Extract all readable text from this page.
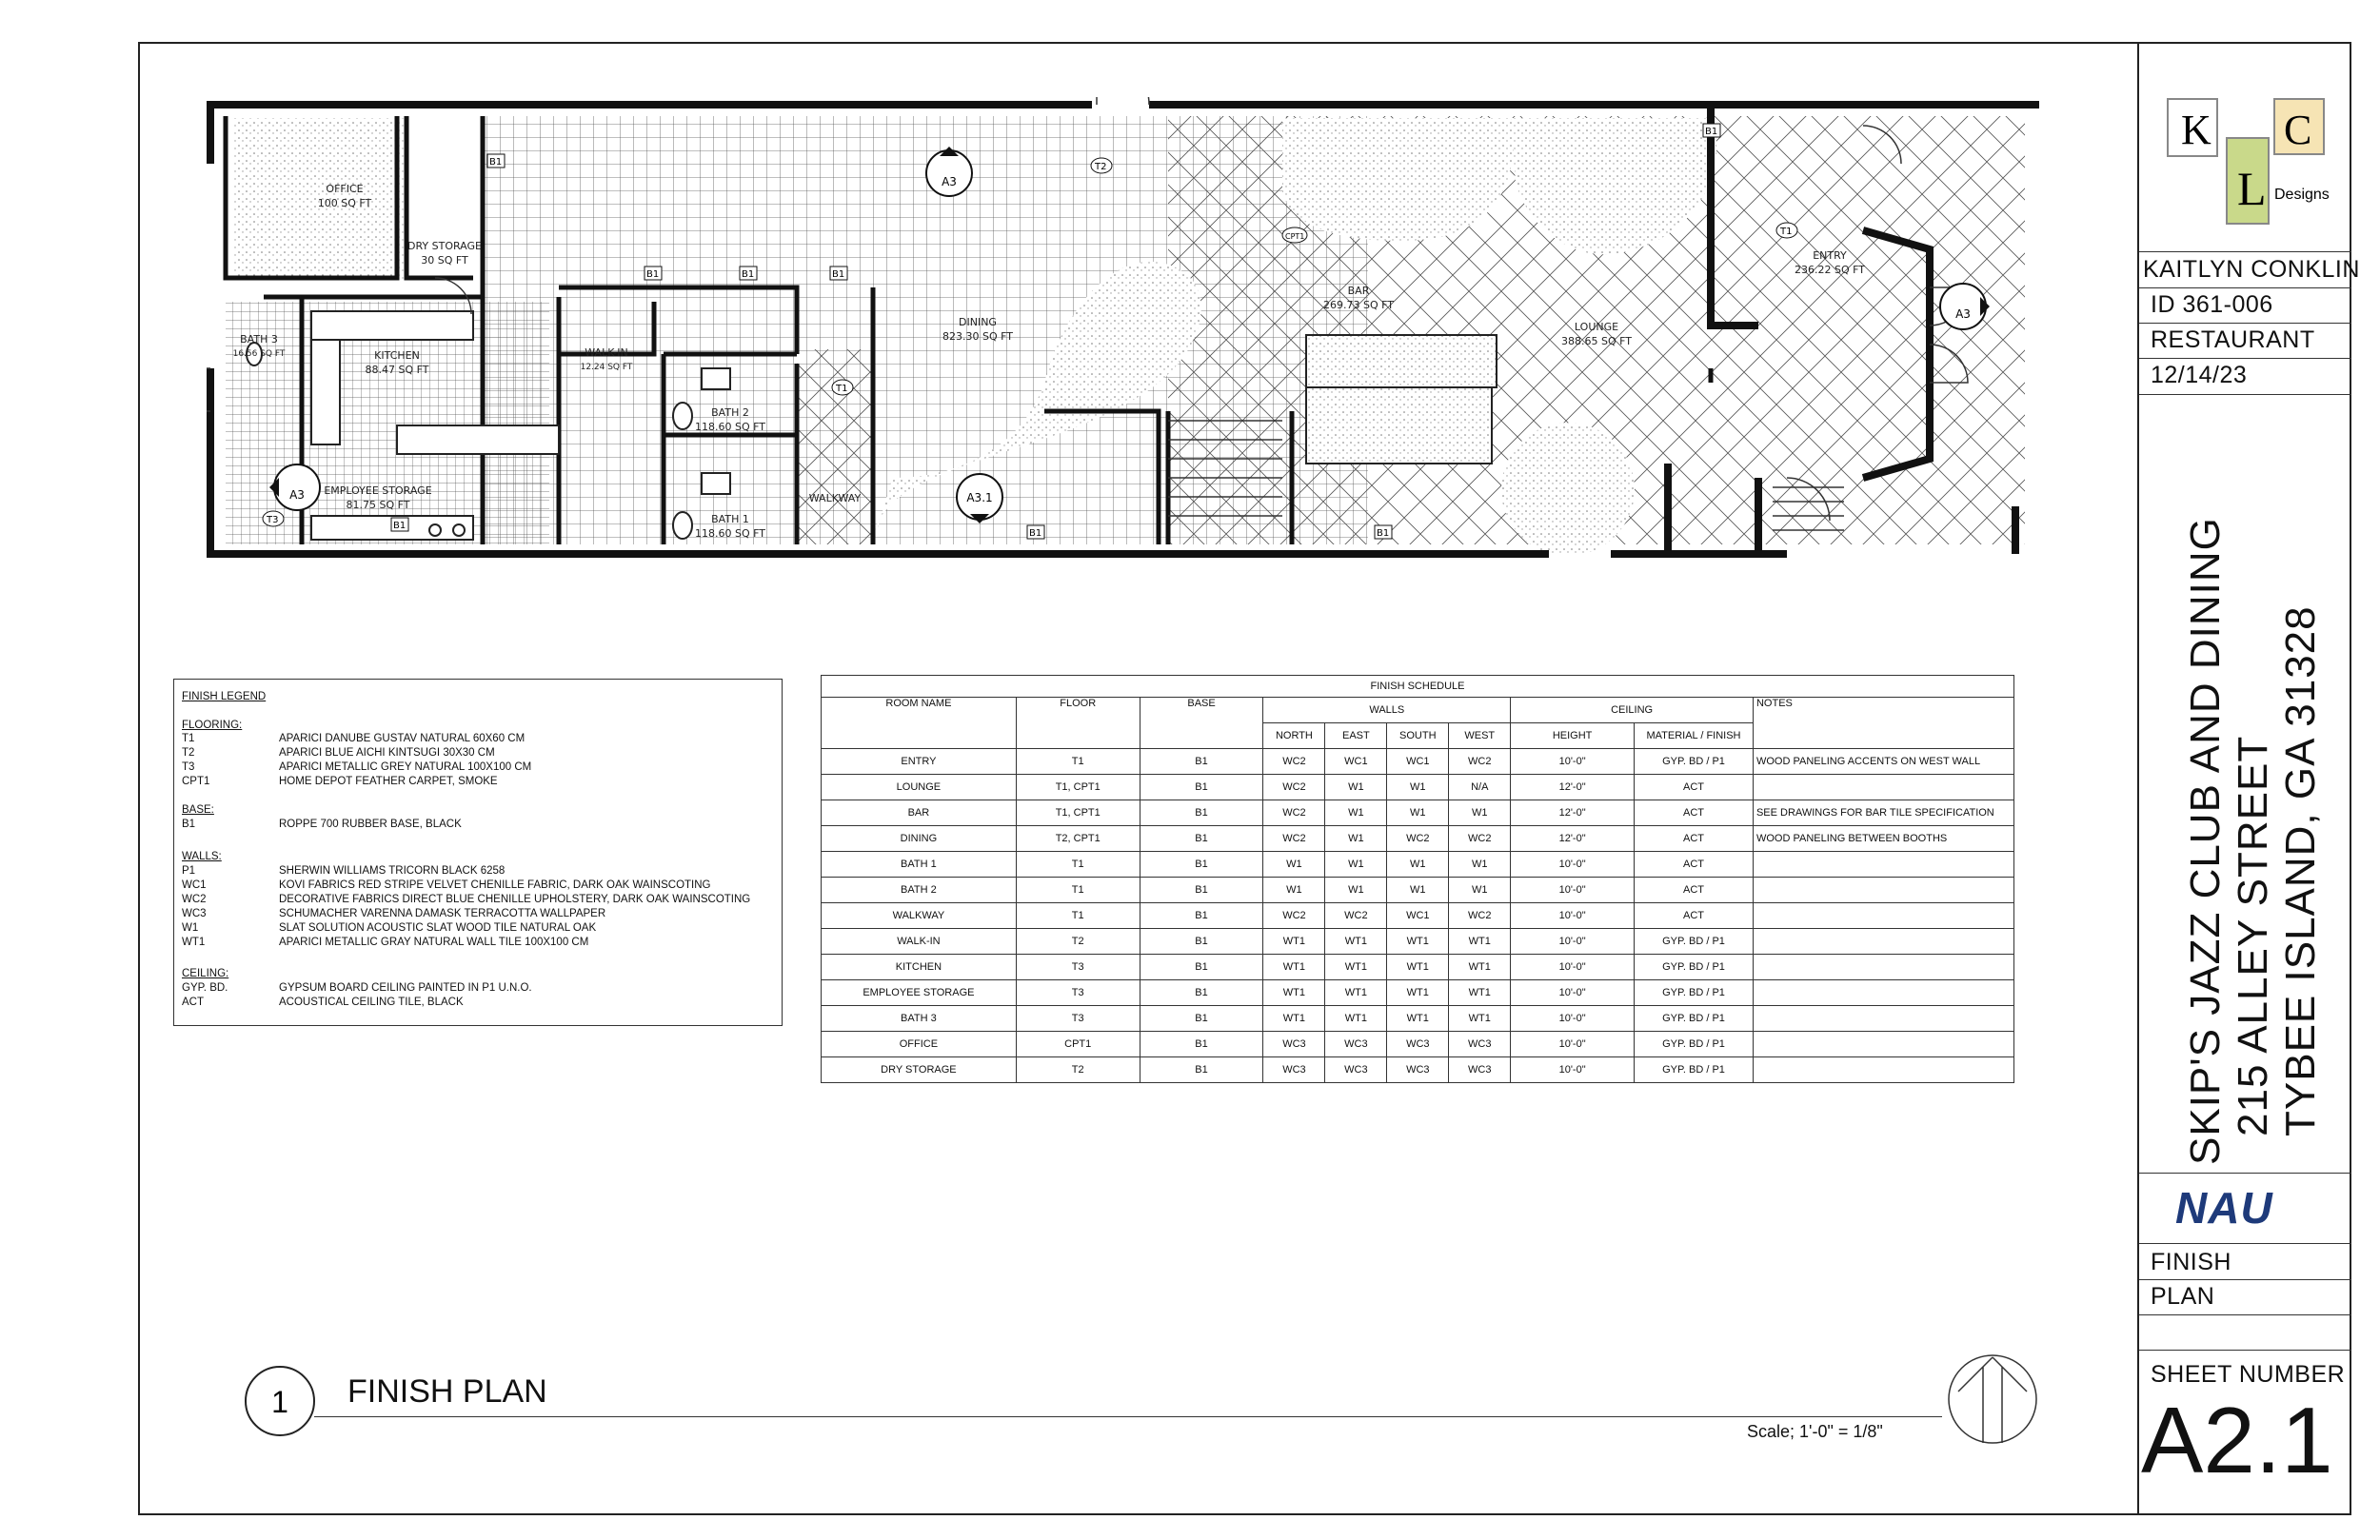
A3
A3.1
A3
A3
B1
B1	B1	B1
B1	B1
B1
B1
T2
T1
T1
T3
CPT1
OFFICE
100 SQ FT
DRY STORAGE
30 SQ FT
KITCHEN
88.47 SQ FT
BATH 3
16.56 SQ FT
EMPLOYEE STORAGE
81.75 SQ FT
WALK-IN
12.24 SQ FT
DINING
823.30 SQ FT
BATH 2
118.60 SQ FT
BATH 1
118.60 SQ FT
WALKWAY
BAR
269.73 SQ FT
LOUNGE
388.65 SQ FT
ENTRY
236.22 SQ FT
FINISH LEGEND
FLOORING:
T1	APARICI DANUBE GUSTAV NATURAL 60X60 CM
T2	APARICI BLUE AICHI KINTSUGI 30X30 CM
T3	APARICI METALLIC GREY NATURAL 100X100 CM
CPT1	HOME DEPOT FEATHER CARPET, SMOKE
BASE:
B1	ROPPE 700 RUBBER BASE, BLACK
WALLS:
P1	SHERWIN WILLIAMS TRICORN BLACK 6258
WC1	KOVI FABRICS RED STRIPE VELVET CHENILLE FABRIC, DARK OAK WAINSCOTING
WC2	DECORATIVE FABRICS DIRECT BLUE CHENILLE UPHOLSTERY, DARK OAK WAINSCOTING
WC3	SCHUMACHER VARENNA DAMASK TERRACOTTA WALLPAPER
W1	SLAT SOLUTION ACOUSTIC SLAT WOOD TILE NATURAL OAK
WT1	APARICI METALLIC GRAY NATURAL WALL TILE 100X100 CM
CEILING:
GYP. BD.	GYPSUM BOARD CEILING PAINTED IN P1 U.N.O.
ACT	ACOUSTICAL CEILING TILE, BLACK
FINISH SCHEDULE									
ROOM NAME	FLOOR	BASE	WALLS				CEILING		NOTES
			NORTH	EAST	SOUTH	WEST	HEIGHT	MATERIAL / FINISH	
ENTRY	T1	B1	WC2	WC1	WC1	WC2	10'-0"	GYP. BD / P1	WOOD PANELING ACCENTS ON WEST WALL
LOUNGE	T1, CPT1	B1	WC2	W1	W1	N/A	12'-0"	ACT	
BAR	T1, CPT1	B1	WC2	W1	W1	W1	12'-0"	ACT	SEE DRAWINGS FOR BAR TILE SPECIFICATION
DINING	T2, CPT1	B1	WC2	W1	WC2	WC2	12'-0"	ACT	WOOD PANELING BETWEEN BOOTHS
BATH 1	T1	B1	W1	W1	W1	W1	10'-0"	ACT	
BATH 2	T1	B1	W1	W1	W1	W1	10'-0"	ACT	
WALKWAY	T1	B1	WC2	WC2	WC1	WC2	10'-0"	ACT	
WALK-IN	T2	B1	WT1	WT1	WT1	WT1	10'-0"	GYP. BD / P1	
KITCHEN	T3	B1	WT1	WT1	WT1	WT1	10'-0"	GYP. BD / P1	
EMPLOYEE STORAGE	T3	B1	WT1	WT1	WT1	WT1	10'-0"	GYP. BD / P1	
BATH 3	T3	B1	WT1	WT1	WT1	WT1	10'-0"	GYP. BD / P1	
OFFICE	CPT1	B1	WC3	WC3	WC3	WC3	10'-0"	GYP. BD / P1	
DRY STORAGE	T2	B1	WC3	WC3	WC3	WC3	10'-0"	GYP. BD / P1	
1 FINISH PLAN
Scale; 1'-0" = 1/8"
K
L
C
Designs
KAITLYN CONKLIN
ID 361-006
RESTAURANT
12/14/23
SKIP'S JAZZ CLUB AND DINING 215 ALLEY STREET TYBEE ISLAND, GA 31328
NAU
FINISH
PLAN
SHEET NUMBER
A2.1
